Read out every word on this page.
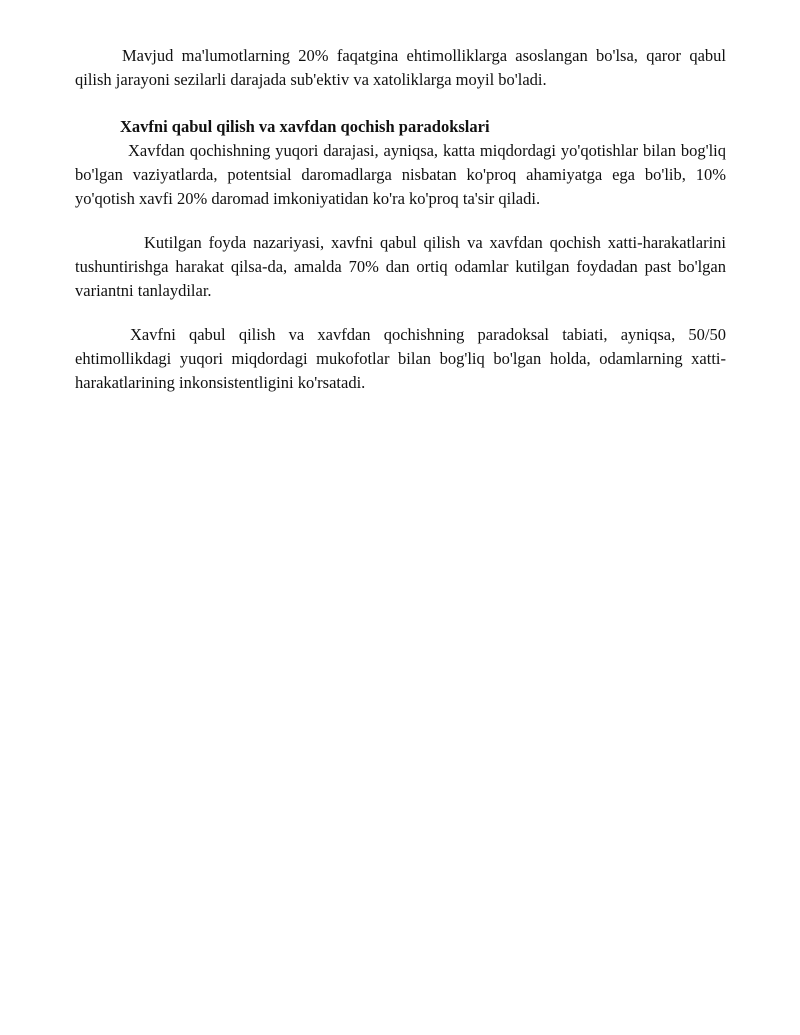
Mavjud ma'lumotlarning 20% faqatgina ehtimolliklarga asoslangan bo'lsa, qaror qabul qilish jarayoni sezilarli darajada sub'ektiv va xatoliklarga moyil bo'ladi.

Xavfni qabul qilish va xavfdan qochish paradokslari

Xavfdan qochishning yuqori darajasi, ayniqsa, katta miqdordagi yo'qotishlar bilan bog'liq bo'lgan vaziyatlarda, potentsial daromadlarga nisbatan ko'proq ahamiyatga ega bo'lib, 10% yo'qotish xavfi 20% daromad imkoniyatidan ko'ra ko'proq ta'sir qiladi.

Kutilgan foyda nazariyasi, xavfni qabul qilish va xavfdan qochish xatti-harakatlarini tushuntirishga harakat qilsa-da, amalda 70% dan ortiq odamlar kutilgan foydadan past bo'lgan variantni tanlaydilar.

Xavfni qabul qilish va xavfdan qochishning paradoksal tabiati, ayniqsa, 50/50 ehtimollikdagi yuqori miqdordagi mukofotlar bilan bog'liq bo'lgan holda, odamlarning xatti-harakatlarining inkonsistentligini ko'rsatadi.
